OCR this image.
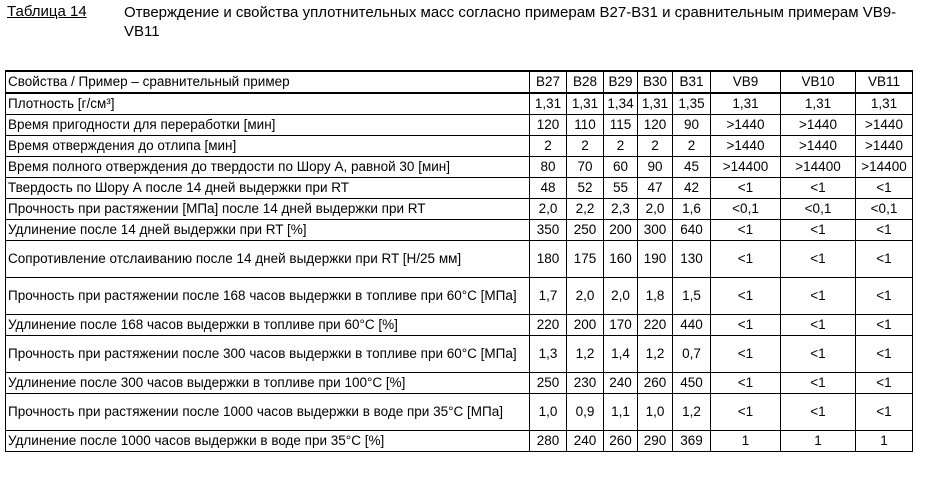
Таблица 14 Отверждение и свойства уплотнительных масс согласно примерам B27-B31 и сравнительным примерам VB9-VB11
Свойства / Пример – сравнительный пример	B27	B28	B29	B30	B31	VB9	VB10	VB11
Плотность [г/см³]	1,31	1,31	1,34	1,31	1,35	1,31	1,31	1,31
Время пригодности для переработки [мин]	120	110	115	120	90	>1440	>1440	>1440
Время отверждения до отлипа [мин]	2	2	2	2	2	>1440	>1440	>1440
Время полного отверждения до твердости по Шору А, равной 30 [мин]	80	70	60	90	45	>14400	>14400	>14400
Твердость по Шору А после 14 дней выдержки при RT	48	52	55	47	42	<1	<1	<1
Прочность при растяжении [МПа] после 14 дней выдержки при RT	2,0	2,2	2,3	2,0	1,6	<0,1	<0,1	<0,1
Удлинение после 14 дней выдержки при RT [%]	350	250	200	300	640	<1	<1	<1
Сопротивление отслаиванию после 14 дней выдержки при RT [Н/25 мм]	180	175	160	190	130	<1	<1	<1
Прочность при растяжении после 168 часов выдержки в топливе при 60°C [МПа]	1,7	2,0	2,0	1,8	1,5	<1	<1	<1
Удлинение после 168 часов выдержки в топливе при 60°C [%]	220	200	170	220	440	<1	<1	<1
Прочность при растяжении после 300 часов выдержки в топливе при 60°C [МПа]	1,3	1,2	1,4	1,2	0,7	<1	<1	<1
Удлинение после 300 часов выдержки в топливе при 100°C [%]	250	230	240	260	450	<1	<1	<1
Прочность при растяжении после 1000 часов выдержки в воде при 35°C [МПа]	1,0	0,9	1,1	1,0	1,2	<1	<1	<1
Удлинение после 1000 часов выдержки в воде при 35°C [%]	280	240	260	290	369	1	1	1
